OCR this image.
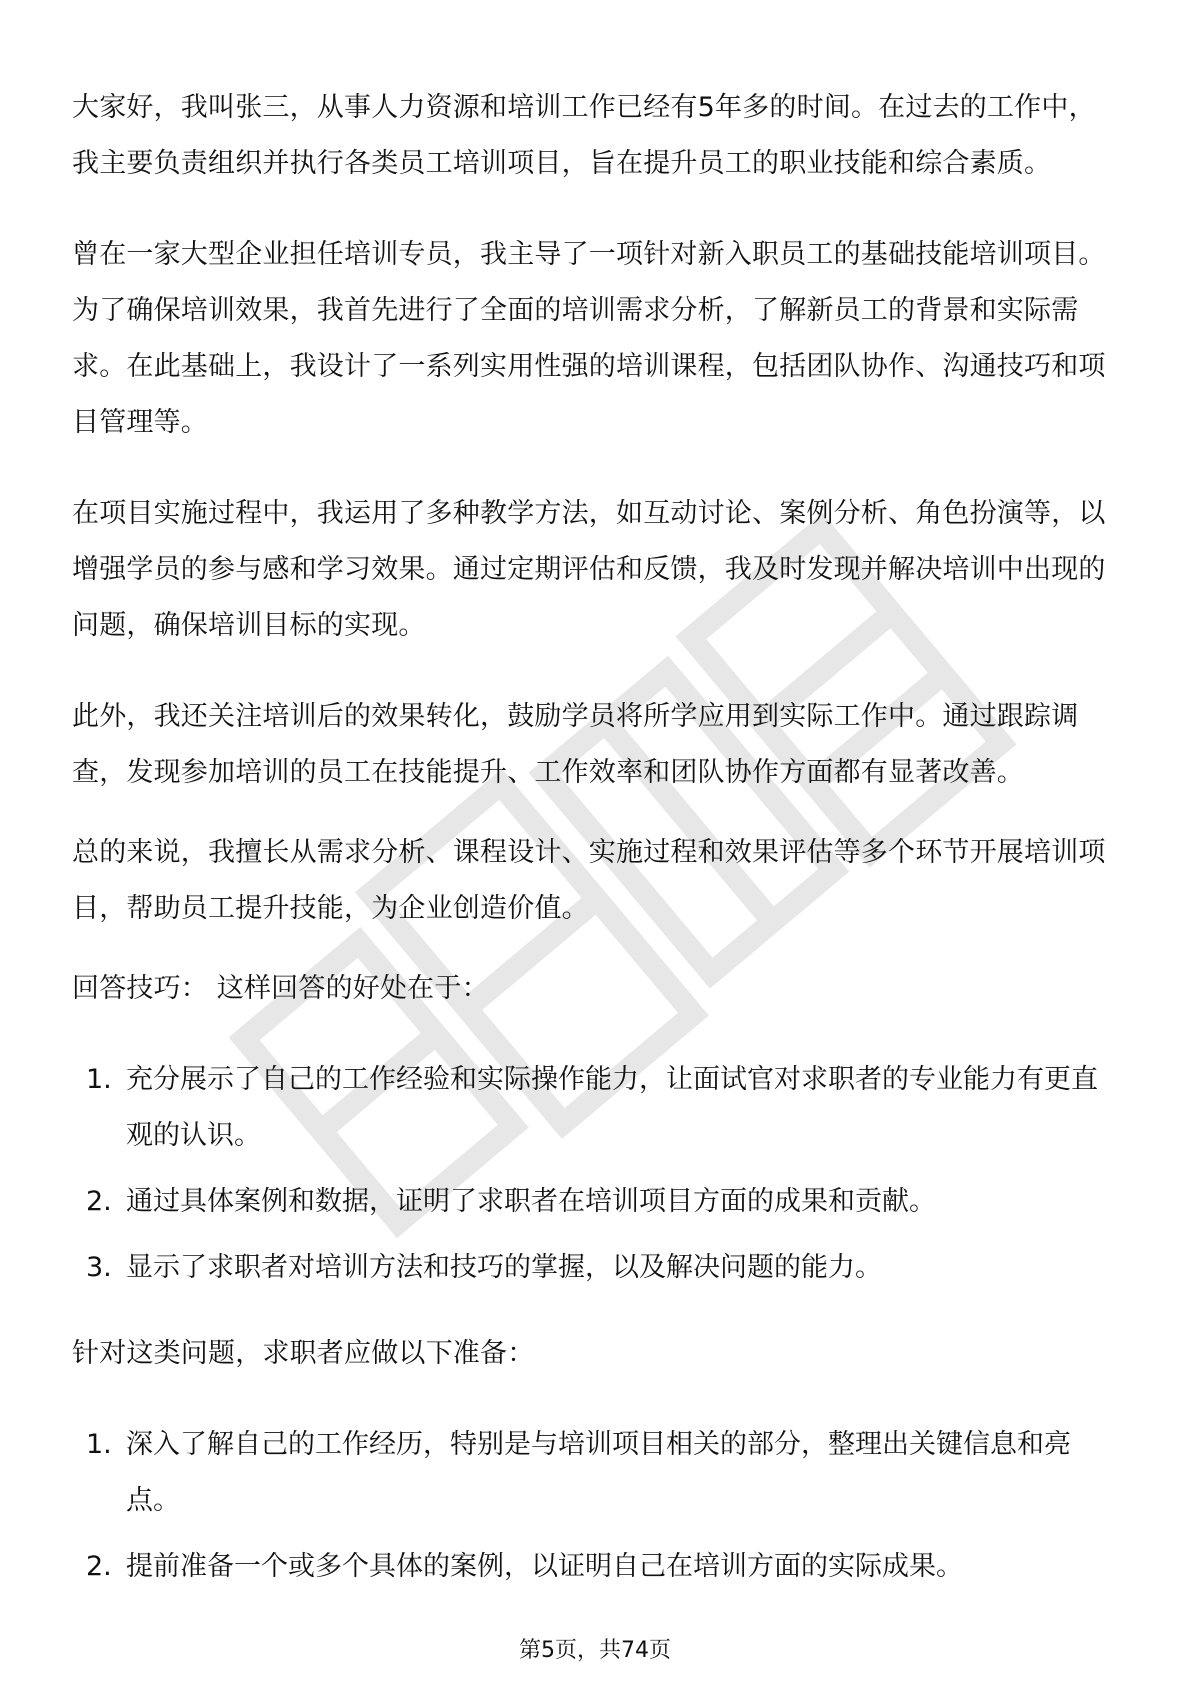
大家好，我叫张三，从事人力资源和培训工作已经有5年多的时间。在过去的工作中，我主要负责组织并执行各类员工培训项目，旨在提升员工的职业技能和综合素质。

曾在一家大型企业担任培训专员，我主导了一项针对新入职员工的基础技能培训项目。为了确保培训效果，我首先进行了全面的培训需求分析，了解新员工的背景和实际需求。在此基础上，我设计了一系列实用性强的培训课程，包括团队协作、沟通技巧和项目管理等。

在项目实施过程中，我运用了多种教学方法，如互动讨论、案例分析、角色扮演等，以增强学员的参与感和学习效果。通过定期评估和反馈，我及时发现并解决培训中出现的问题，确保培训目标的实现。

此外，我还关注培训后的效果转化，鼓励学员将所学应用到实际工作中。通过跟踪调查，发现参加培训的员工在技能提升、工作效率和团队协作方面都有显著改善。

总的来说，我擅长从需求分析、课程设计、实施过程和效果评估等多个环节开展培训项目，帮助员工提升技能，为企业创造价值。

回答技巧： 这样回答的好处在于：

1. 充分展示了自己的工作经验和实际操作能力，让面试官对求职者的专业能力有更直观的认识。
2. 通过具体案例和数据，证明了求职者在培训项目方面的成果和贡献。
3. 显示了求职者对培训方法和技巧的掌握，以及解决问题的能力。

针对这类问题，求职者应做以下准备：

1. 深入了解自己的工作经历，特别是与培训项目相关的部分，整理出关键信息和亮点。
2. 提前准备一个或多个具体的案例，以证明自己在培训方面的实际成果。
第5页，共74页
